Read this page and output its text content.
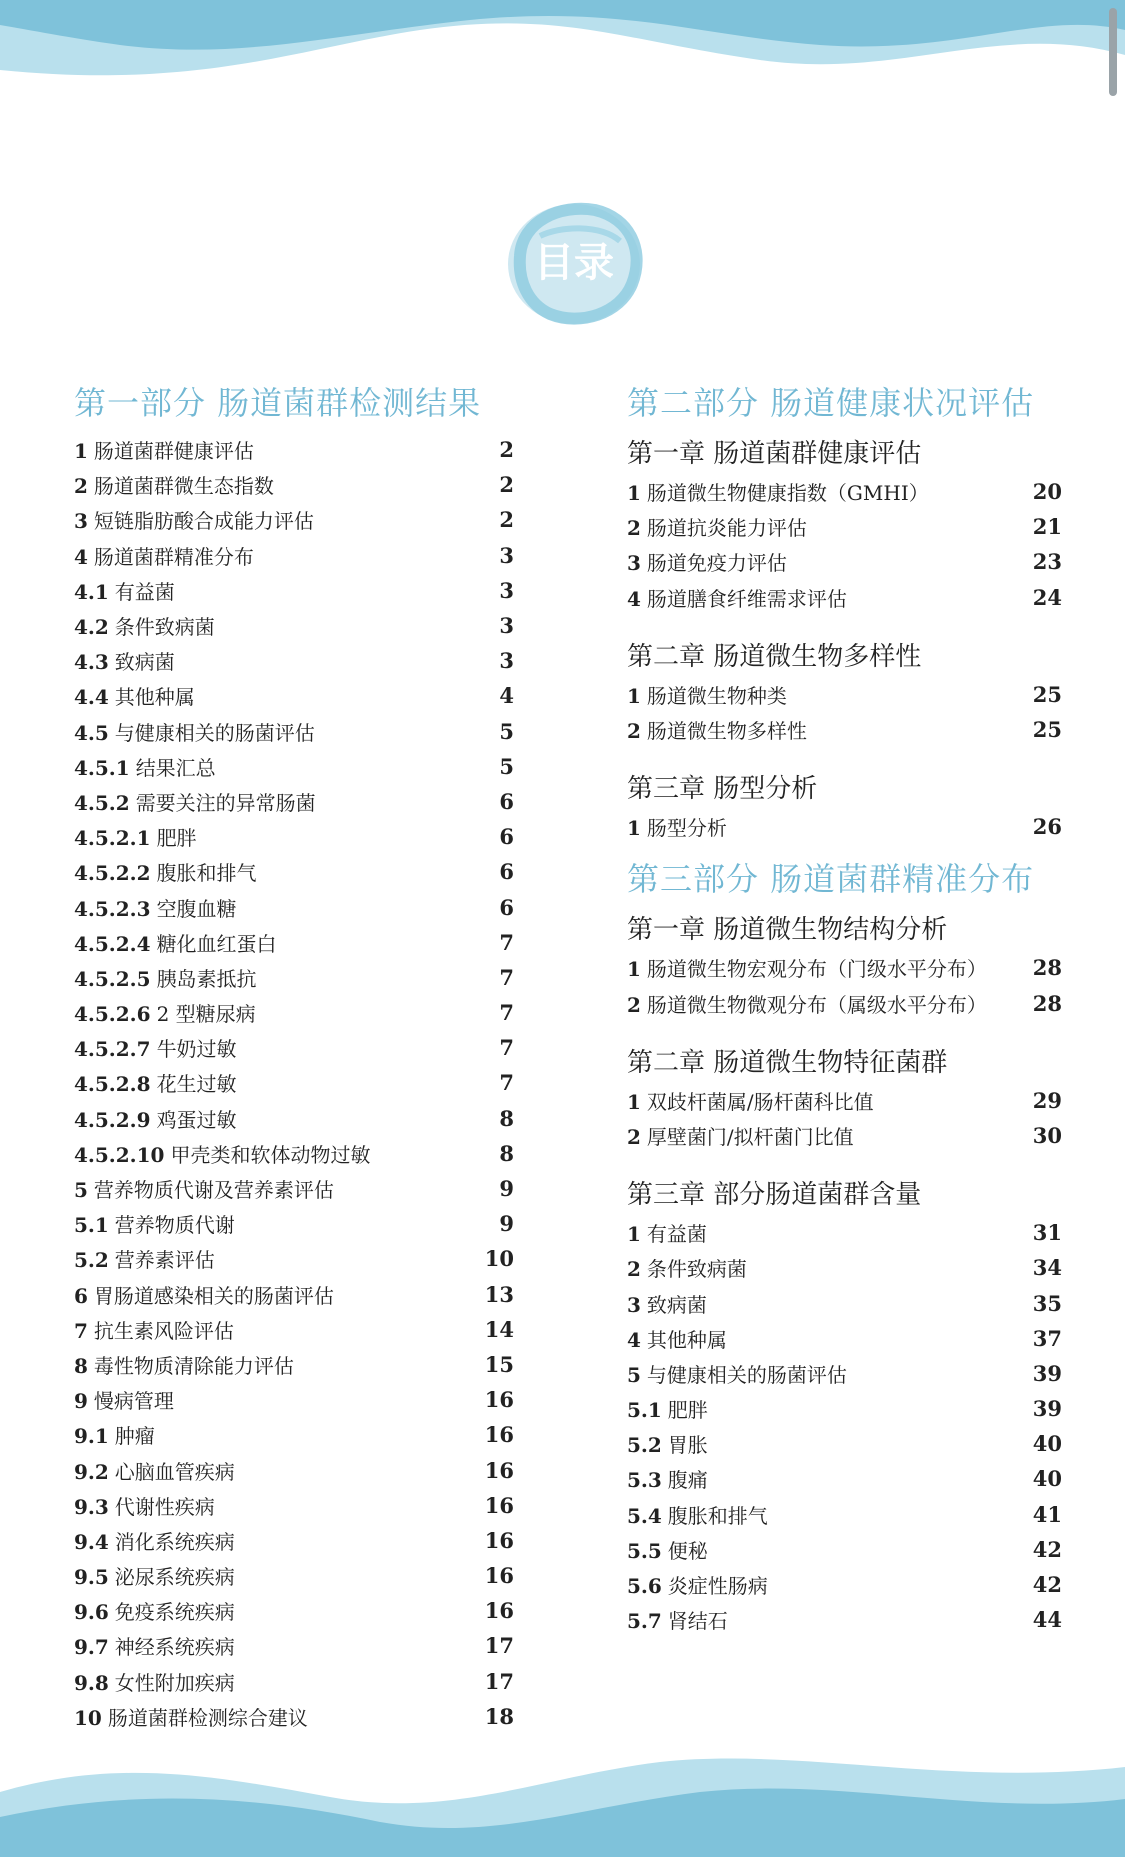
目录
第一部分 肠道菌群检测结果
1 肠道菌群健康评估	2
2 肠道菌群微生态指数	2
3 短链脂肪酸合成能力评估	2
4 肠道菌群精准分布	3
4.1 有益菌	3
4.2 条件致病菌	3
4.3 致病菌	3
4.4 其他种属	4
4.5 与健康相关的肠菌评估	5
4.5.1 结果汇总	5
4.5.2 需要关注的异常肠菌	6
4.5.2.1 肥胖	6
4.5.2.2 腹胀和排气	6
4.5.2.3 空腹血糖	6
4.5.2.4 糖化血红蛋白	7
4.5.2.5 胰岛素抵抗	7
4.5.2.6 2 型糖尿病	7
4.5.2.7 牛奶过敏	7
4.5.2.8 花生过敏	7
4.5.2.9 鸡蛋过敏	8
4.5.2.10 甲壳类和软体动物过敏	8
5 营养物质代谢及营养素评估	9
5.1 营养物质代谢	9
5.2 营养素评估	10
6 胃肠道感染相关的肠菌评估	13
7 抗生素风险评估	14
8 毒性物质清除能力评估	15
9 慢病管理	16
9.1 肿瘤	16
9.2 心脑血管疾病	16
9.3 代谢性疾病	16
9.4 消化系统疾病	16
9.5 泌尿系统疾病	16
9.6 免疫系统疾病	16
9.7 神经系统疾病	17
9.8 女性附加疾病	17
10 肠道菌群检测综合建议	18
第二部分 肠道健康状况评估
第一章 肠道菌群健康评估
1 肠道微生物健康指数（GMHI）	20
2 肠道抗炎能力评估	21
3 肠道免疫力评估	23
4 肠道膳食纤维需求评估	24
第二章 肠道微生物多样性
1 肠道微生物种类	25
2 肠道微生物多样性	25
第三章 肠型分析
1 肠型分析	26
第三部分 肠道菌群精准分布
第一章 肠道微生物结构分析
1 肠道微生物宏观分布（门级水平分布） 28
2 肠道微生物微观分布（属级水平分布） 28
第二章 肠道微生物特征菌群
1 双歧杆菌属/肠杆菌科比值	29
2 厚壁菌门/拟杆菌门比值	30
第三章 部分肠道菌群含量
1 有益菌	31
2 条件致病菌	34
3 致病菌	35
4 其他种属	37
5 与健康相关的肠菌评估	39
5.1 肥胖	39
5.2 胃胀	40
5.3 腹痛	40
5.4 腹胀和排气	41
5.5 便秘	42
5.6 炎症性肠病	42
5.7 肾结石	44
